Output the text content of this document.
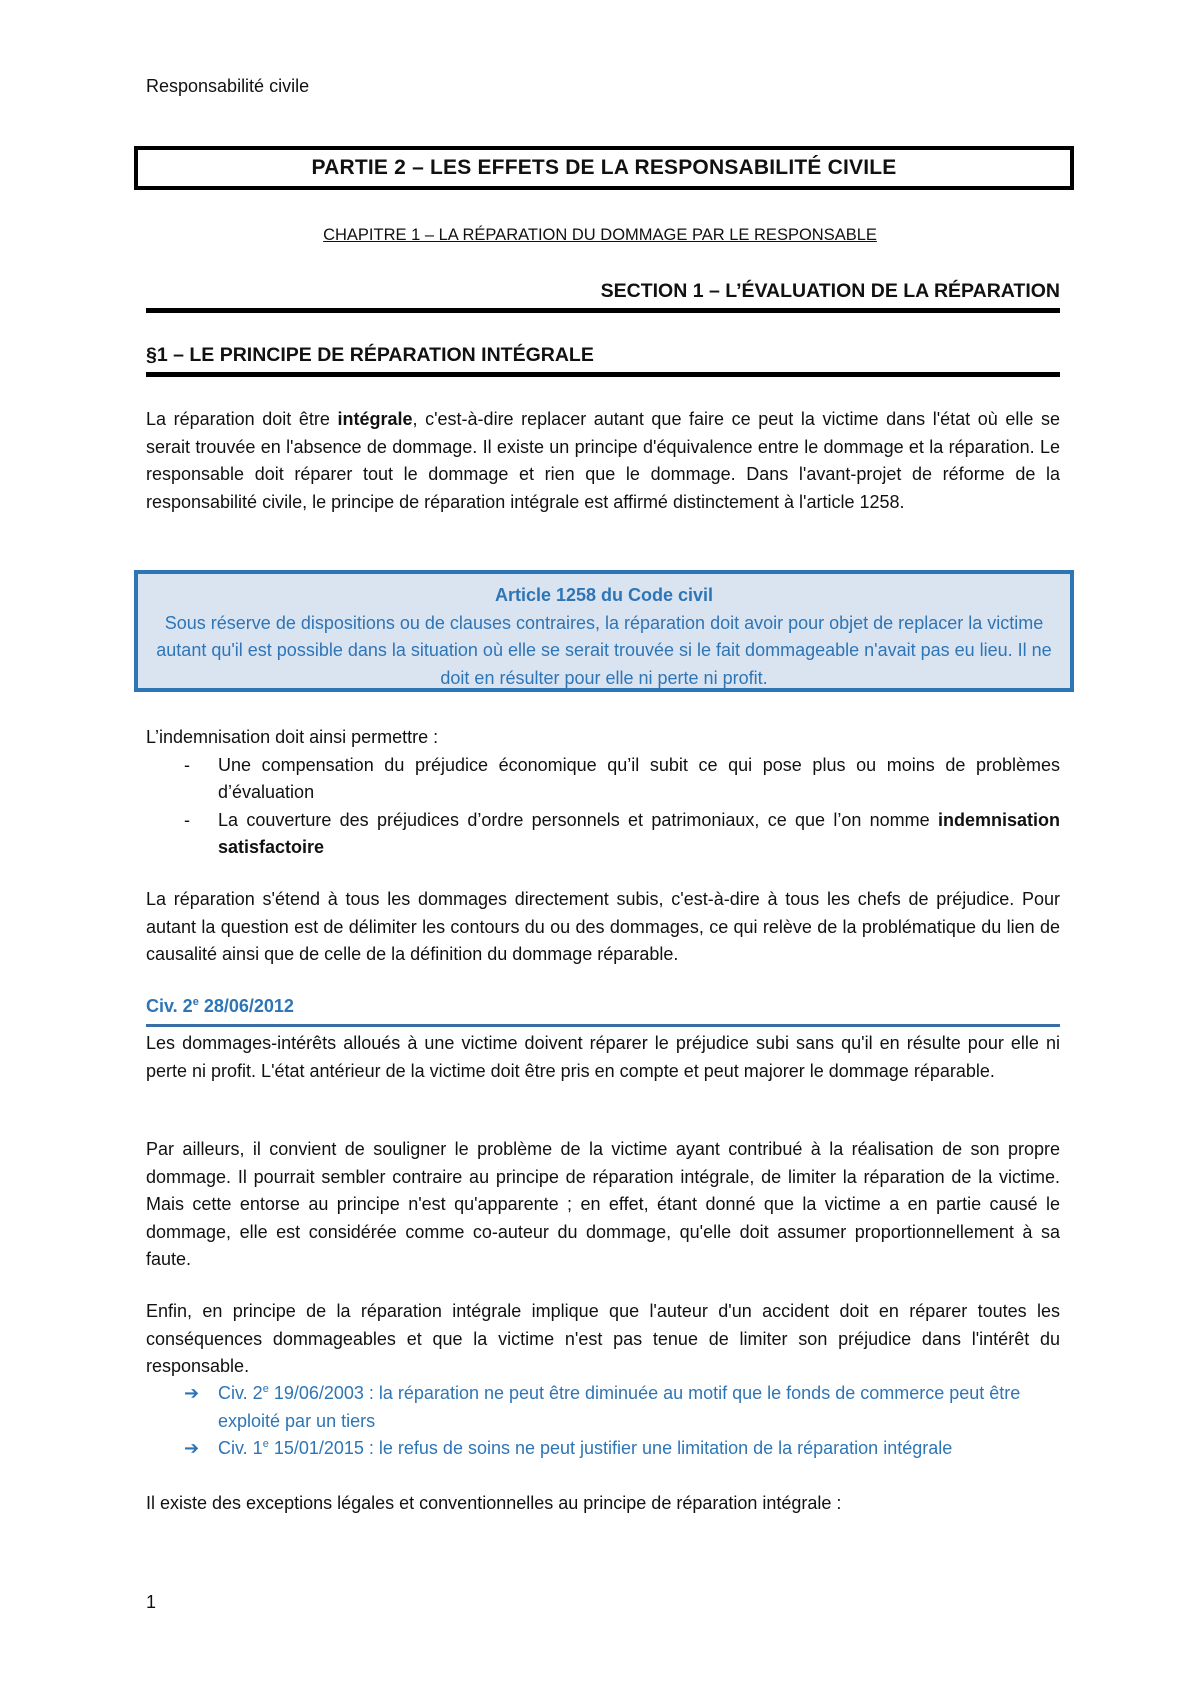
Responsabilité civile
PARTIE 2 – LES EFFETS DE LA RESPONSABILITÉ CIVILE
CHAPITRE 1 – LA RÉPARATION DU DOMMAGE PAR LE RESPONSABLE
SECTION 1 – L’ÉVALUATION DE LA RÉPARATION
§1 – LE PRINCIPE DE RÉPARATION INTÉGRALE
La réparation doit être intégrale, c'est-à-dire replacer autant que faire ce peut la victime dans l'état où elle se serait trouvée en l'absence de dommage. Il existe un principe d'équivalence entre le dommage et la réparation. Le responsable doit réparer tout le dommage et rien que le dommage. Dans l'avant-projet de réforme de la responsabilité civile, le principe de réparation intégrale est affirmé distinctement à l'article 1258.
Article 1258 du Code civil
Sous réserve de dispositions ou de clauses contraires, la réparation doit avoir pour objet de replacer la victime autant qu'il est possible dans la situation où elle se serait trouvée si le fait dommageable n'avait pas eu lieu. Il ne doit en résulter pour elle ni perte ni profit.
L’indemnisation doit ainsi permettre :
- Une compensation du préjudice économique qu’il subit ce qui pose plus ou moins de problèmes d’évaluation
- La couverture des préjudices d’ordre personnels et patrimoniaux, ce que l’on nomme indemnisation satisfactoire
La réparation s'étend à tous les dommages directement subis, c'est-à-dire à tous les chefs de préjudice. Pour autant la question est de délimiter les contours du ou des dommages, ce qui relève de la problématique du lien de causalité ainsi que de celle de la définition du dommage réparable.
Civ. 2e 28/06/2012
Les dommages-intérêts alloués à une victime doivent réparer le préjudice subi sans qu'il en résulte pour elle ni perte ni profit. L'état antérieur de la victime doit être pris en compte et peut majorer le dommage réparable.
Par ailleurs, il convient de souligner le problème de la victime ayant contribué à la réalisation de son propre dommage. Il pourrait sembler contraire au principe de réparation intégrale, de limiter la réparation de la victime. Mais cette entorse au principe n'est qu'apparente ; en effet, étant donné que la victime a en partie causé le dommage, elle est considérée comme co-auteur du dommage, qu'elle doit assumer proportionnellement à sa faute.
Enfin, en principe de la réparation intégrale implique que l'auteur d'un accident doit en réparer toutes les conséquences dommageables et que la victime n'est pas tenue de limiter son préjudice dans l'intérêt du responsable.
➔ Civ. 2e 19/06/2003 : la réparation ne peut être diminuée au motif que le fonds de commerce peut être exploité par un tiers
➔ Civ. 1e 15/01/2015 : le refus de soins ne peut justifier une limitation de la réparation intégrale
Il existe des exceptions légales et conventionnelles au principe de réparation intégrale :
1
